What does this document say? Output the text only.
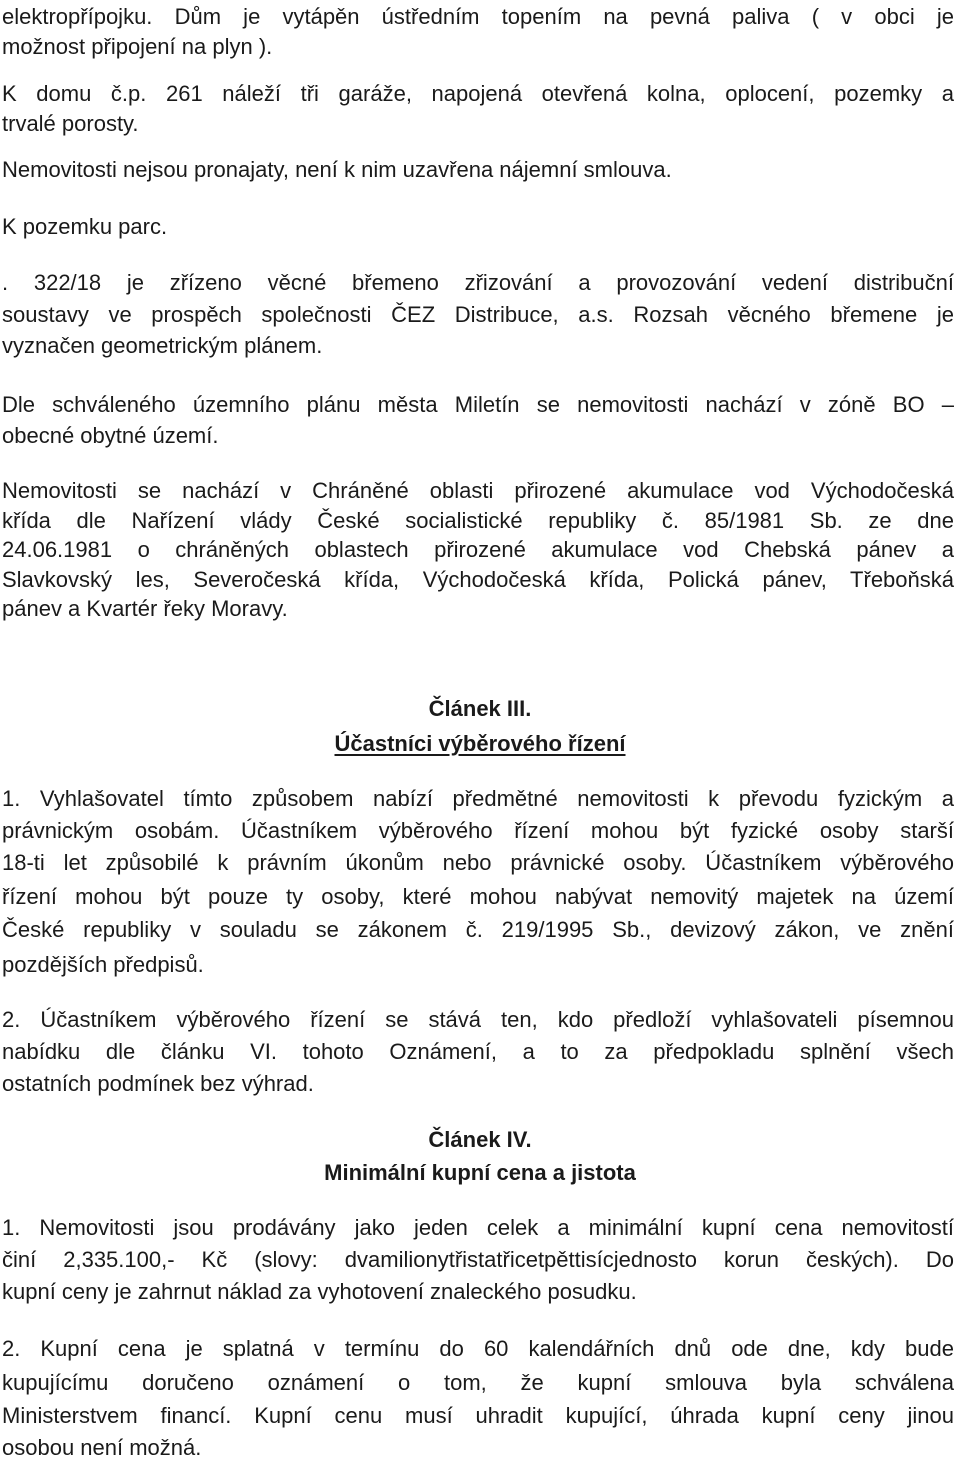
elektropřípojku. Dům je vytápěn ústředním topením na pevná paliva ( v obci je
možnost připojení na plyn ).
K domu č.p. 261 náleží tři garáže, napojená otevřená kolna, oplocení, pozemky a
trvalé porosty.
Nemovitosti nejsou pronajaty, není k nim uzavřena nájemní smlouva.
K pozemku parc.
. 322/18 je zřízeno věcné břemeno zřizování a provozování vedení distribuční
soustavy ve prospěch společnosti ČEZ Distribuce, a.s. Rozsah věcného břemene je
vyznačen geometrickým plánem.
Dle schváleného územního plánu města Miletín se nemovitosti nachází v zóně BO –
obecné obytné území.
Nemovitosti se nachází v Chráněné oblasti přirozené akumulace vod Východočeská
křída dle Nařízení vlády České socialistické republiky č. 85/1981 Sb. ze dne
24.06.1981 o chráněných oblastech přirozené akumulace vod Chebská pánev a
Slavkovský les, Severočeská křída, Východočeská křída, Polická pánev, Třeboňská
pánev a Kvartér řeky Moravy.
Článek III.
Účastníci výběrového řízení
1. Vyhlašovatel tímto způsobem nabízí předmětné nemovitosti k převodu fyzickým a
právnickým osobám. Účastníkem výběrového řízení mohou být fyzické osoby starší
18-ti let způsobilé k právním úkonům nebo právnické osoby. Účastníkem výběrového
řízení mohou být pouze ty osoby, které mohou nabývat nemovitý majetek na území
České republiky v souladu se zákonem č. 219/1995 Sb., devizový zákon, ve znění
pozdějších předpisů.
2. Účastníkem výběrového řízení se stává ten, kdo předloží vyhlašovateli písemnou
nabídku dle článku VI. tohoto Oznámení, a to za předpokladu splnění všech
ostatních podmínek bez výhrad.
Článek IV.
Minimální kupní cena a jistota
1. Nemovitosti jsou prodávány jako jeden celek a minimální kupní cena nemovitostí
činí 2,335.100,- Kč (slovy: dvamilionytřistatřicetpěttisícjednosto korun českých). Do
kupní ceny je zahrnut náklad za vyhotovení znaleckého posudku.
2. Kupní cena je splatná v termínu do 60 kalendářních dnů ode dne, kdy bude
kupujícímu doručeno oznámení o tom, že kupní smlouva byla schválena
Ministerstvem financí. Kupní cenu musí uhradit kupující, úhrada kupní ceny jinou
osobou není možná.
